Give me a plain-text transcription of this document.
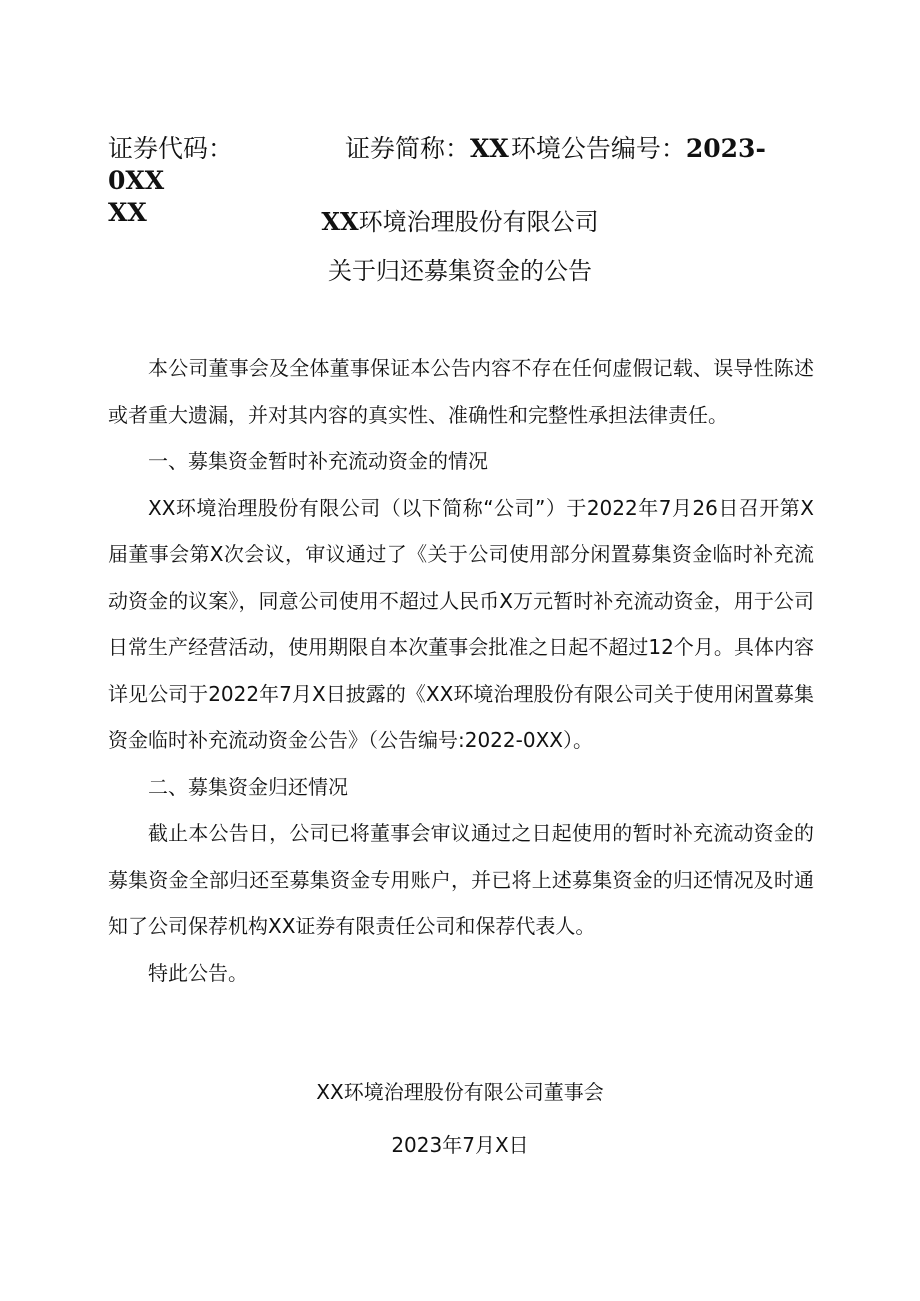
证券代码：	证券简称：XX环境公告编号：2023-0XX
XX	XX环境治理股份有限公司
关于归还募集资金的公告

本公司董事会及全体董事保证本公告内容不存在任何虚假记载、误导性陈述或者重大遗漏，并对其内容的真实性、准确性和完整性承担法律责任。

一、募集资金暂时补充流动资金的情况

XX环境治理股份有限公司（以下简称“公司”）于2022年7月26日召开第X届董事会第X次会议，审议通过了《关于公司使用部分闲置募集资金临时补充流动资金的议案》，同意公司使用不超过人民币X万元暂时补充流动资金，用于公司日常生产经营活动，使用期限自本次董事会批准之日起不超过12个月。具体内容详见公司于2022年7月X日披露的《XX环境治理股份有限公司关于使用闲置募集资金临时补充流动资金公告》（公告编号:2022-0XX）。

二、募集资金归还情况

截止本公告日，公司已将董事会审议通过之日起使用的暂时补充流动资金的募集资金全部归还至募集资金专用账户，并已将上述募集资金的归还情况及时通知了公司保荐机构XX证券有限责任公司和保荐代表人。

特此公告。

XX环境治理股份有限公司董事会
2023年7月X日
